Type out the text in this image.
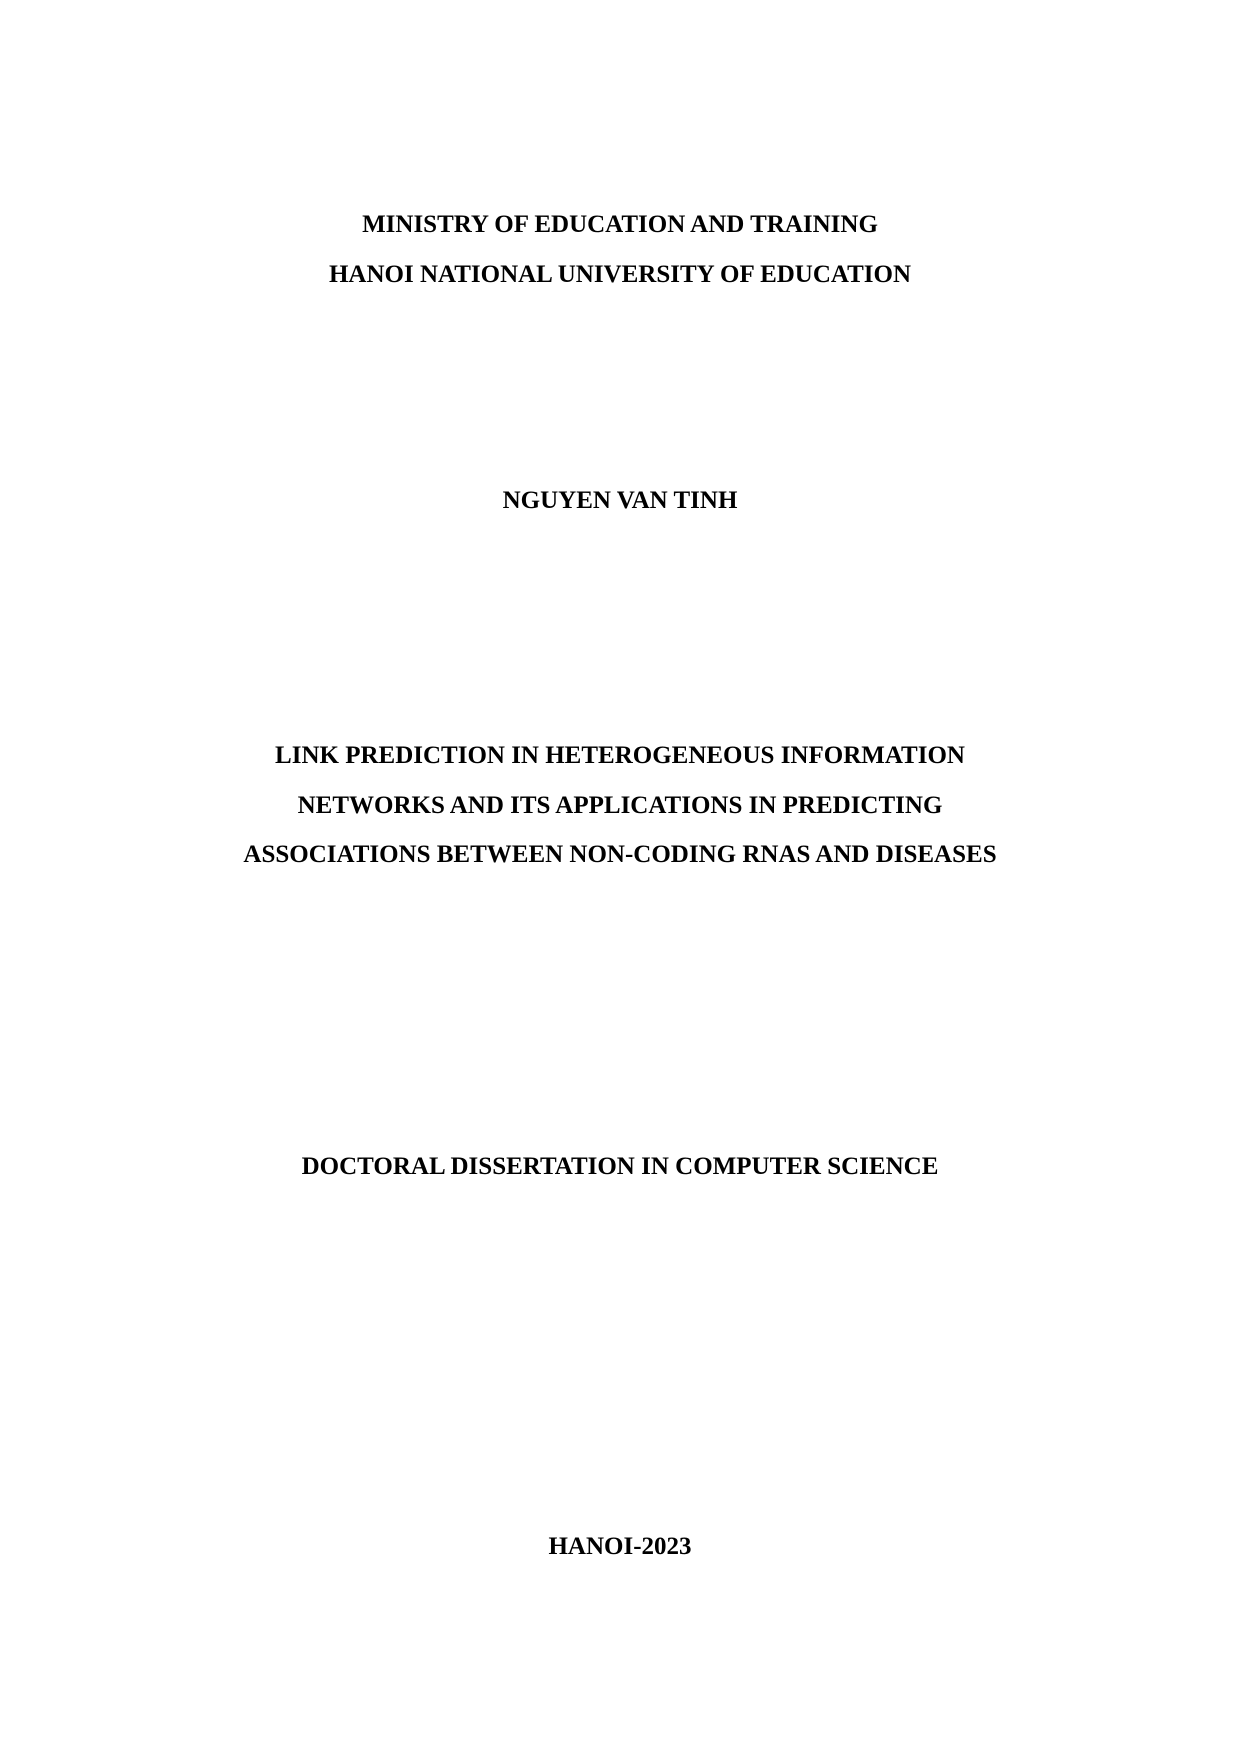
MINISTRY OF EDUCATION AND TRAINING
HANOI NATIONAL UNIVERSITY OF EDUCATION
NGUYEN VAN TINH
LINK PREDICTION IN HETEROGENEOUS INFORMATION
NETWORKS AND ITS APPLICATIONS IN PREDICTING
ASSOCIATIONS BETWEEN NON-CODING RNAS AND DISEASES
DOCTORAL DISSERTATION IN COMPUTER SCIENCE
HANOI-2023
